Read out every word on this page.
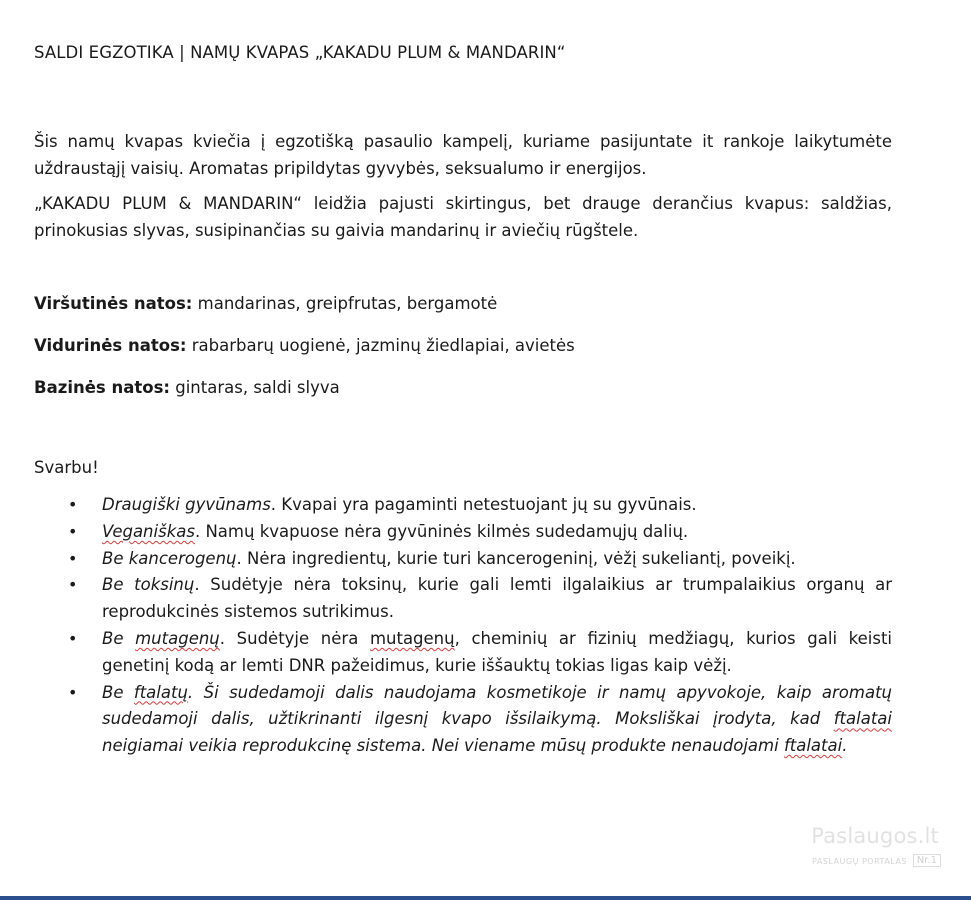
SALDI EGZOTIKA | NAMŲ KVAPAS „KAKADU PLUM & MANDARIN“

Šis namų kvapas kviečia į egzotišką pasaulio kampelį, kuriame pasijuntate it rankoje laikytumėte uždraustąjį vaisių. Aromatas pripildytas gyvybės, seksualumo ir energijos.

„KAKADU PLUM & MANDARIN“ leidžia pajusti skirtingus, bet drauge derančius kvapus: saldžias, prinokusias slyvas, susipinančias su gaivia mandarinų ir aviečių rūgštele.

Viršutinės natos: mandarinas, greipfrutas, bergamotė

Vidurinės natos: rabarbarų uogienė, jazminų žiedlapiai, avietės

Bazinės natos: gintaras, saldi slyva

Svarbu!

• Draugiški gyvūnams. Kvapai yra pagaminti netestuojant jų su gyvūnais.
• Veganiškas. Namų kvapuose nėra gyvūninės kilmės sudedamųjų dalių.
• Be kancerogenų. Nėra ingredientų, kurie turi kancerogeninį, vėžį sukeliantį, poveikį.
• Be toksinų. Sudėtyje nėra toksinų, kurie gali lemti ilgalaikius ar trumpalaikius organų ar reprodukcinės sistemos sutrikimus.
• Be mutagenų. Sudėtyje nėra mutagenų, cheminių ar fizinių medžiagų, kurios gali keisti genetinį kodą ar lemti DNR pažeidimus, kurie iššauktų tokias ligas kaip vėžį.
• Be ftalatų. Ši sudedamoji dalis naudojama kosmetikoje ir namų apyvokoje, kaip aromatų sudedamoji dalis, užtikrinanti ilgesnį kvapo išsilaikymą. Moksliškai įrodyta, kad ftalatai neigiamai veikia reprodukcinę sistema. Nei viename mūsų produkte nenaudojami ftalatai.
Paslaugos.lt
PASLAUGŲ PORTALAS Nr.1
